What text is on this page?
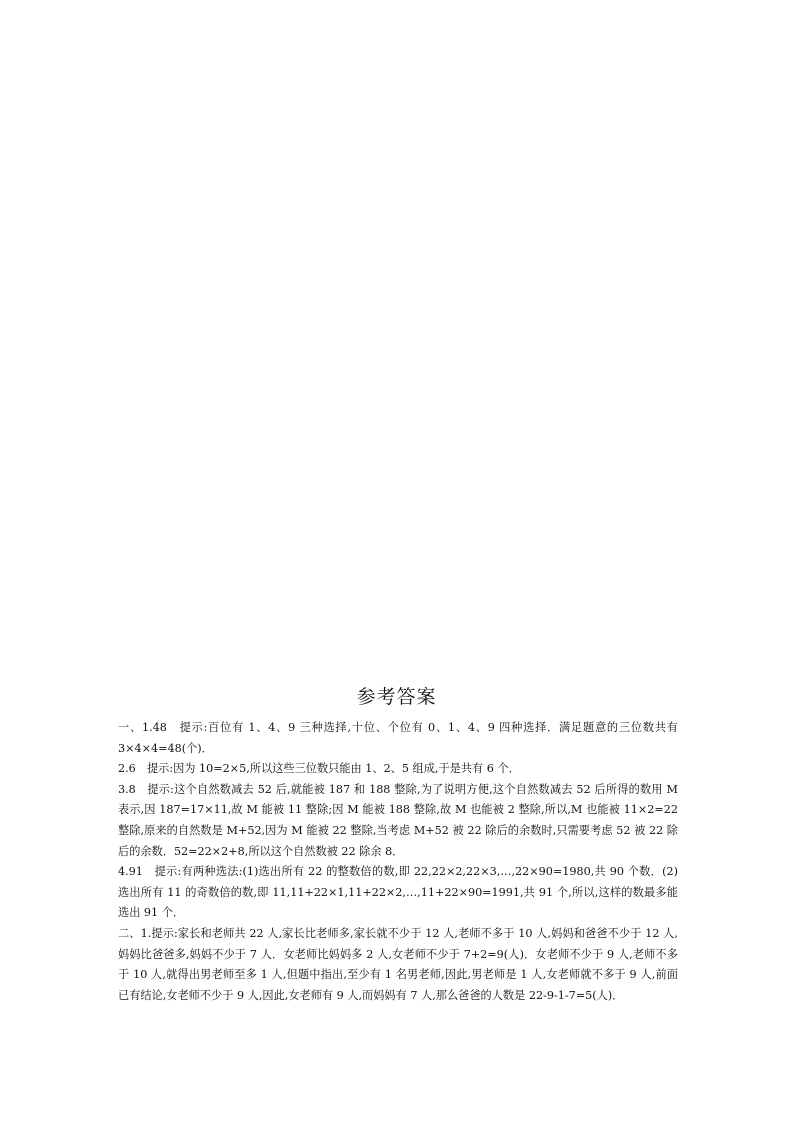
参考答案

一、1.48　提示:百位有 1、4、9 三种选择,十位、个位有 0、1、4、9 四种选择．满足题意的三位数共有 3×4×4=48(个)．

2.6　提示:因为 10=2×5,所以这些三位数只能由 1、2、5 组成,于是共有 6 个．

3.8　提示:这个自然数减去 52 后,就能被 187 和 188 整除,为了说明方便,这个自然数减去 52 后所得的数用 M 表示,因 187=17×11,故 M 能被 11 整除;因 M 能被 188 整除,故 M 也能被 2 整除,所以,M 也能被 11×2=22 整除,原来的自然数是 M+52,因为 M 能被 22 整除,当考虑 M+52 被 22 除后的余数时,只需要考虑 52 被 22 除后的余数．52=22×2+8,所以这个自然数被 22 除余 8．

4.91　提示:有两种选法:(1)选出所有 22 的整数倍的数,即 22,22×2,22×3,…,22×90=1980,共 90 个数．(2)选出所有 11 的奇数倍的数,即 11,11+22×1,11+22×2,…,11+22×90=1991,共 91 个,所以,这样的数最多能选出 91 个．

二、1.提示:家长和老师共 22 人,家长比老师多,家长就不少于 12 人,老师不多于 10 人,妈妈和爸爸不少于 12 人,妈妈比爸爸多,妈妈不少于 7 人．女老师比妈妈多 2 人,女老师不少于 7+2=9(人)．女老师不少于 9 人,老师不多于 10 人,就得出男老师至多 1 人,但题中指出,至少有 1 名男老师,因此,男老师是 1 人,女老师就不多于 9 人,前面已有结论,女老师不少于 9 人,因此,女老师有 9 人,而妈妈有 7 人,那么爸爸的人数是 22-9-1-7=5(人)．
